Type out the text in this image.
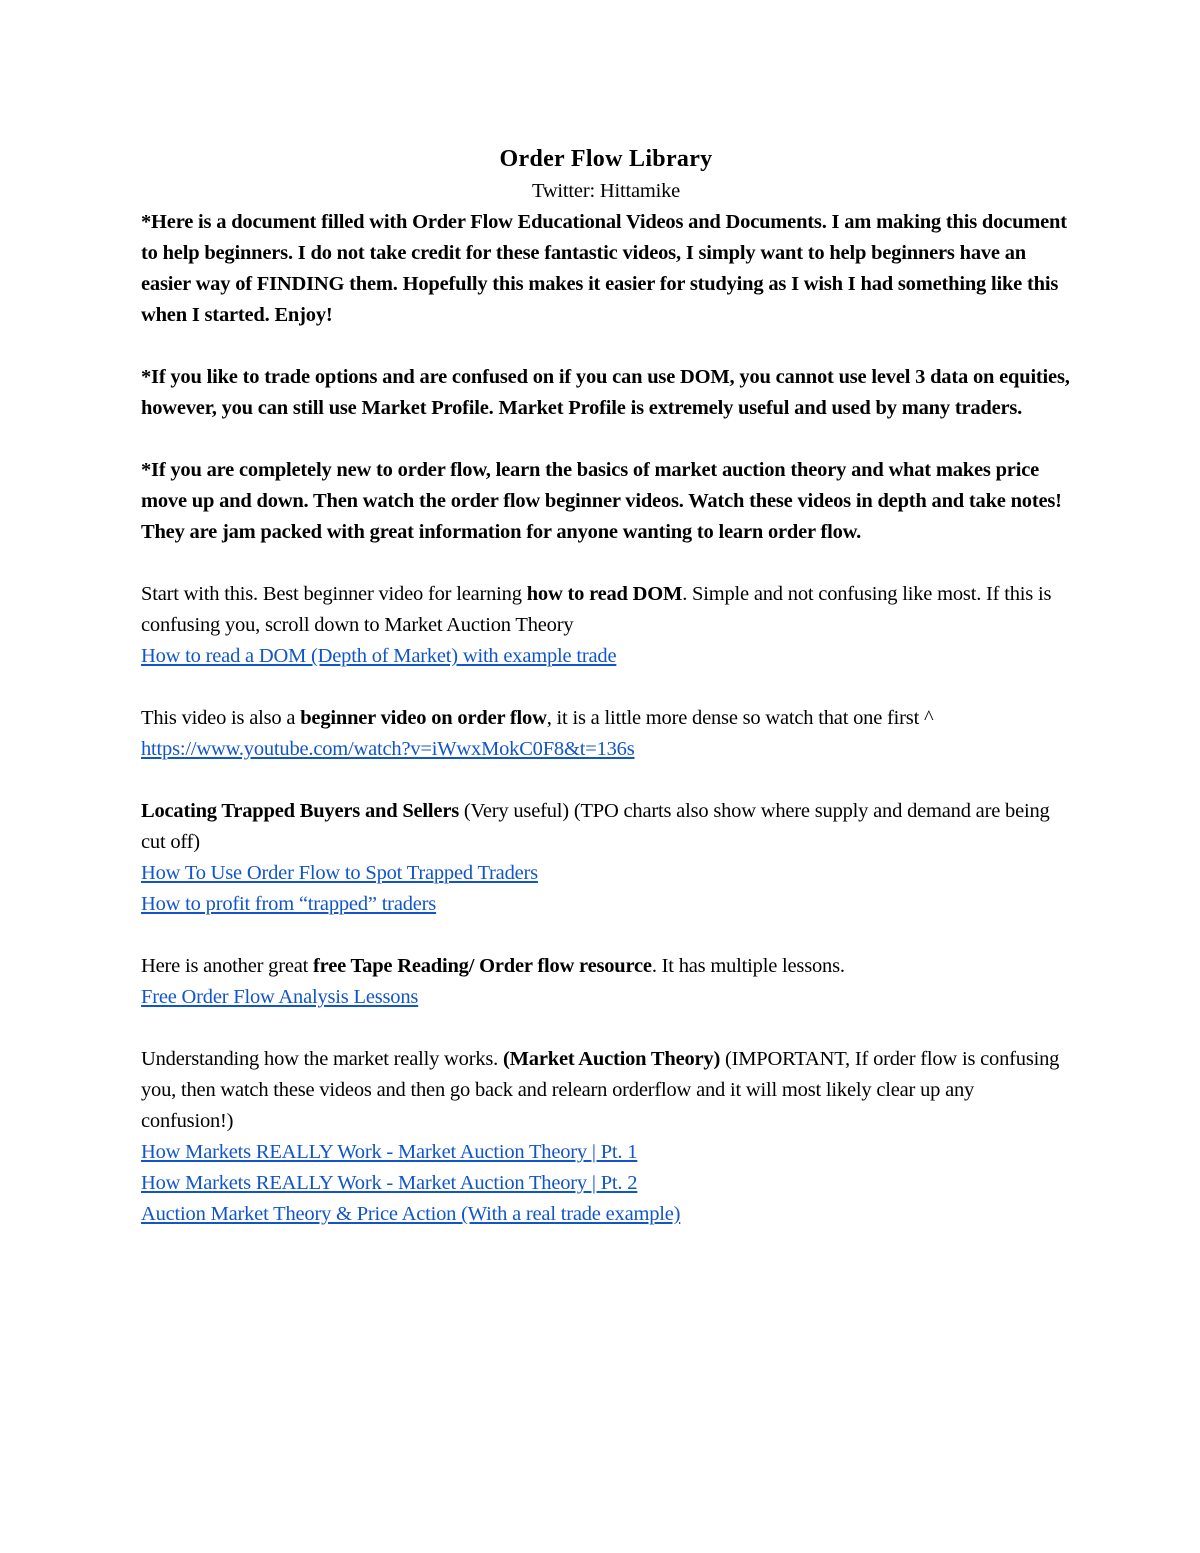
Order Flow Library

Twitter: Hittamike

*Here is a document filled with Order Flow Educational Videos and Documents. I am making this document to help beginners. I do not take credit for these fantastic videos, I simply want to help beginners have an easier way of FINDING them. Hopefully this makes it easier for studying as I wish I had something like this when I started. Enjoy!

*If you like to trade options and are confused on if you can use DOM, you cannot use level 3 data on equities, however, you can still use Market Profile. Market Profile is extremely useful and used by many traders.

*If you are completely new to order flow, learn the basics of market auction theory and what makes price move up and down. Then watch the order flow beginner videos. Watch these videos in depth and take notes! They are jam packed with great information for anyone wanting to learn order flow.

Start with this. Best beginner video for learning how to read DOM. Simple and not confusing like most. If this is confusing you, scroll down to Market Auction Theory

How to read a DOM (Depth of Market) with example trade

This video is also a beginner video on order flow, it is a little more dense so watch that one first ^

https://www.youtube.com/watch?v=iWwxMokC0F8&t=136s

Locating Trapped Buyers and Sellers (Very useful) (TPO charts also show where supply and demand are being cut off)

How To Use Order Flow to Spot Trapped Traders

How to profit from “trapped” traders

Here is another great free Tape Reading/ Order flow resource. It has multiple lessons.

Free Order Flow Analysis Lessons

Understanding how the market really works. (Market Auction Theory) (IMPORTANT, If order flow is confusing you, then watch these videos and then go back and relearn orderflow and it will most likely clear up any confusion!)

How Markets REALLY Work - Market Auction Theory | Pt. 1

How Markets REALLY Work - Market Auction Theory | Pt. 2

Auction Market Theory & Price Action (With a real trade example)
